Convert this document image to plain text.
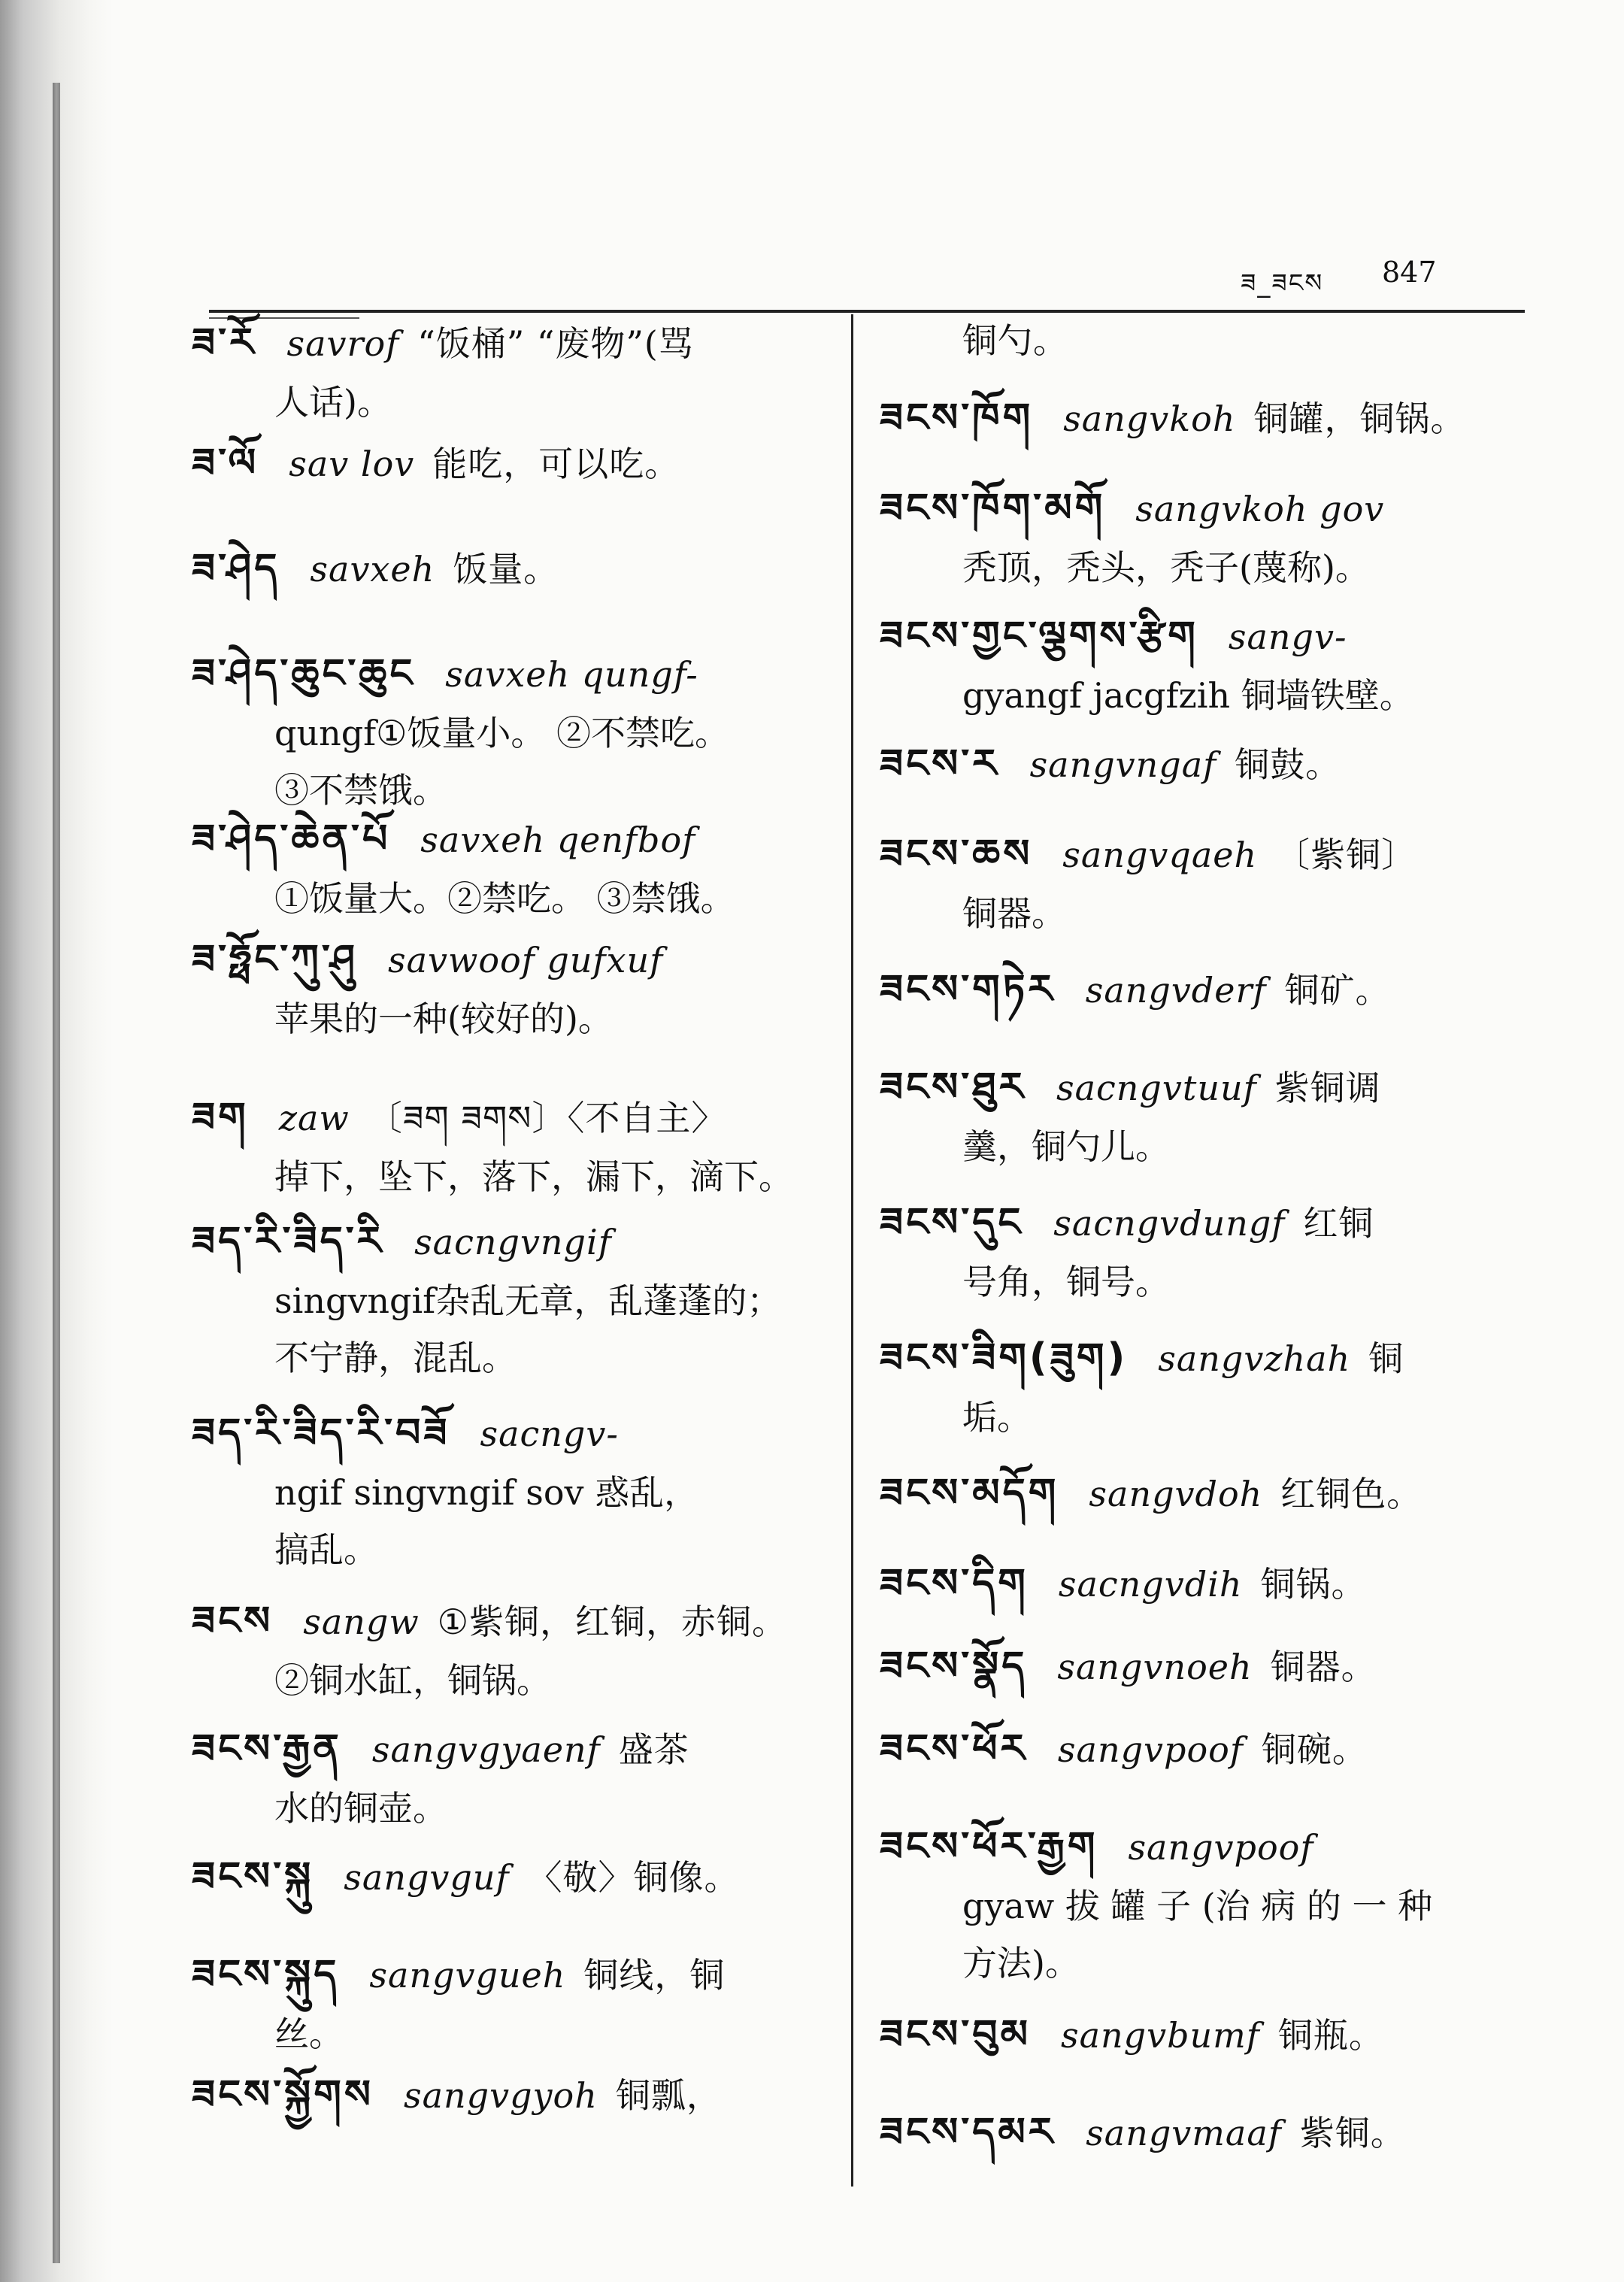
ཟ_ཟངས	847
ཟ་རོ savrof “饭桶” “废物”(骂
人话)。
ཟ་ལོ sav lov 能吃，可以吃。
ཟ་ཤེད savxeh 饭量。
ཟ་ཤེད་ཆུང་ཆུང savxeh qungf-
qungf①饭量小。 ②不禁吃。
③不禁饿。
ཟ་ཤེད་ཆེན་པོ savxeh qenfbof
①饭量大。②禁吃。 ③禁饿。
ཟ་ཧྥོང་ཀུ་ཤུ savwoof gufxuf
苹果的一种(较好的)。
ཟག zaw 〔ཟག ཟགས〕〈不自主〉
掉下，坠下，落下，漏下，滴下。
ཟད་རི་ཟིད་རི sacngvngif
singvngif杂乱无章，乱蓬蓬的；
不宁静，混乱。
ཟད་རི་ཟིད་རི་བཟོ sacngv-
ngif singvngif sov 惑乱，
搞乱。
ཟངས sangw ①紫铜，红铜，赤铜。
②铜水缸，铜锅。
ཟངས་རྒྱན sangvgyaenf 盛茶
水的铜壶。
ཟངས་སྐུ sangvguf 〈敬〉铜像。
ཟངས་སྐུད sangvgueh 铜线，铜
丝。
ཟངས་སྐྱོགས sangvgyoh 铜瓢，
铜勺。
ཟངས་ཁོག sangvkoh 铜罐，铜锅。
ཟངས་ཁོག་མགོ sangvkoh gov
秃顶，秃头，秃子(蔑称)。
ཟངས་གྱང་ལྕགས་རྩིག sangv-
gyangf jacgfzih 铜墙铁壁。
ཟངས་ར sangvngaf 铜鼓。
ཟངས་ཆས sangvqaeh 〔紫铜〕
铜器。
ཟངས་གཏེར sangvderf 铜矿。
ཟངས་ཐུར sacngvtuuf 紫铜调
羹，铜勺儿。
ཟངས་དུང sacngvdungf 红铜
号角，铜号。
ཟངས་ཟིག(ཟུག) sangvzhah 铜
垢。
ཟངས་མདོག sangvdoh 红铜色。
ཟངས་དིག sacngvdih 铜锅。
ཟངས་སྣོད sangvnoeh 铜器。
ཟངས་ཕོར sangvpoof 铜碗。
ཟངས་ཕོར་རྒྱག sangvpoof
gyaw 拔 罐 子 (治 病 的 一 种
方法)。
ཟངས་བུམ sangvbumf 铜瓶。
ཟངས་དམར sangvmaaf 紫铜。
